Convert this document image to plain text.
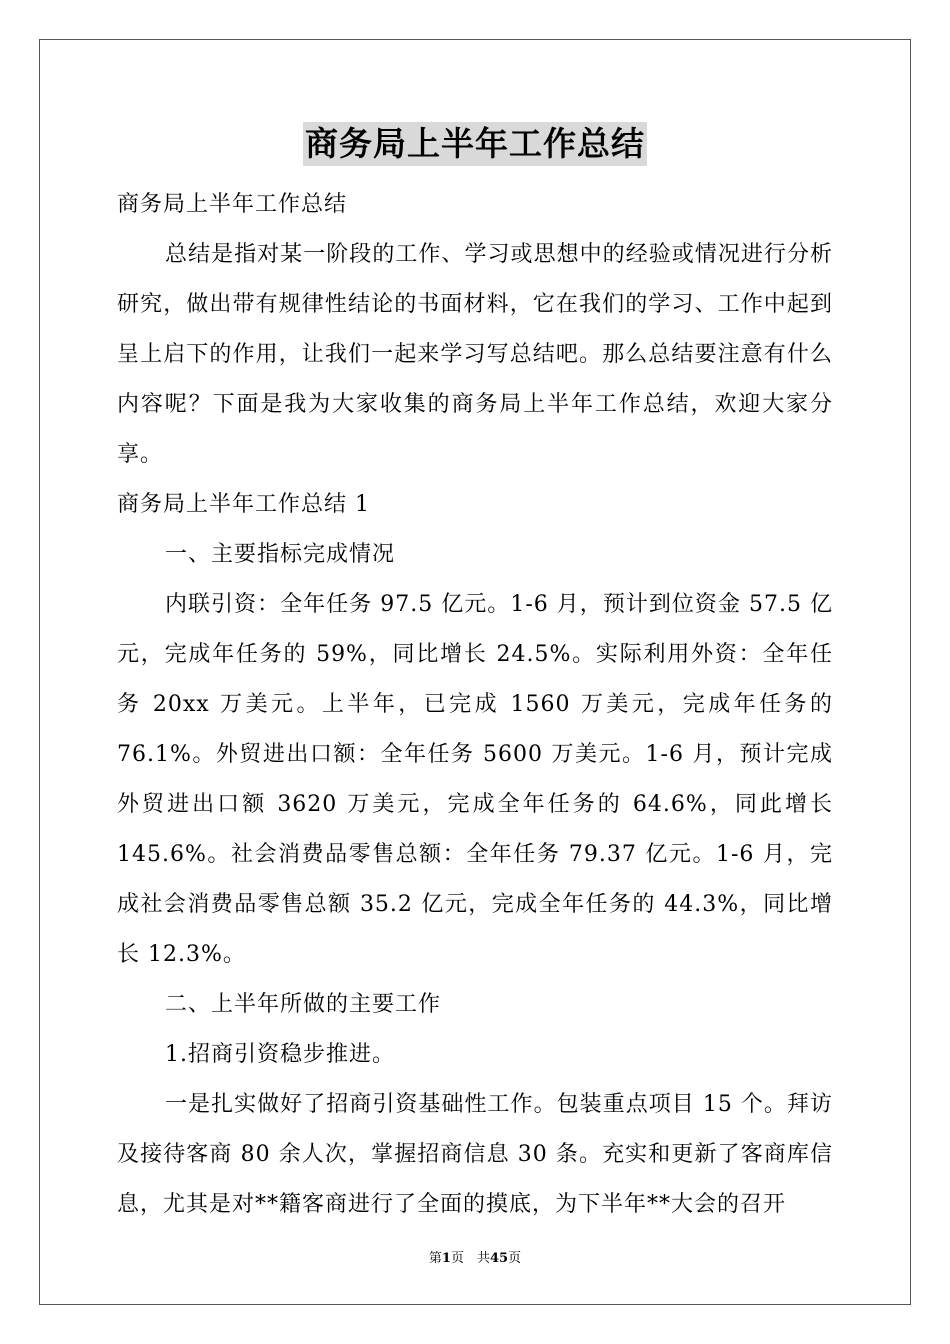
商务局上半年工作总结

商务局上半年工作总结

总结是指对某一阶段的工作、学习或思想中的经验或情况进行分析研究，做出带有规律性结论的书面材料，它在我们的学习、工作中起到呈上启下的作用，让我们一起来学习写总结吧。那么总结要注意有什么内容呢？下面是我为大家收集的商务局上半年工作总结，欢迎大家分享。

商务局上半年工作总结 1

一、主要指标完成情况

内联引资：全年任务 97.5 亿元。1-6 月，预计到位资金 57.5 亿元，完成年任务的 59%，同比增长 24.5%。实际利用外资：全年任务 20xx 万美元。上半年，已完成 1560 万美元，完成年任务的 76.1%。外贸进出口额：全年任务 5600 万美元。1-6 月，预计完成外贸进出口额 3620 万美元，完成全年任务的 64.6%，同此增长 145.6%。社会消费品零售总额：全年任务 79.37 亿元。1-6 月，完成社会消费品零售总额 35.2 亿元，完成全年任务的 44.3%，同比增长 12.3%。

二、上半年所做的主要工作

1.招商引资稳步推进。

一是扎实做好了招商引资基础性工作。包装重点项目 15 个。拜访及接待客商 80 余人次，掌握招商信息 30 条。充实和更新了客商库信息，尤其是对**籍客商进行了全面的摸底，为下半年**大会的召开

第1页　共45页
